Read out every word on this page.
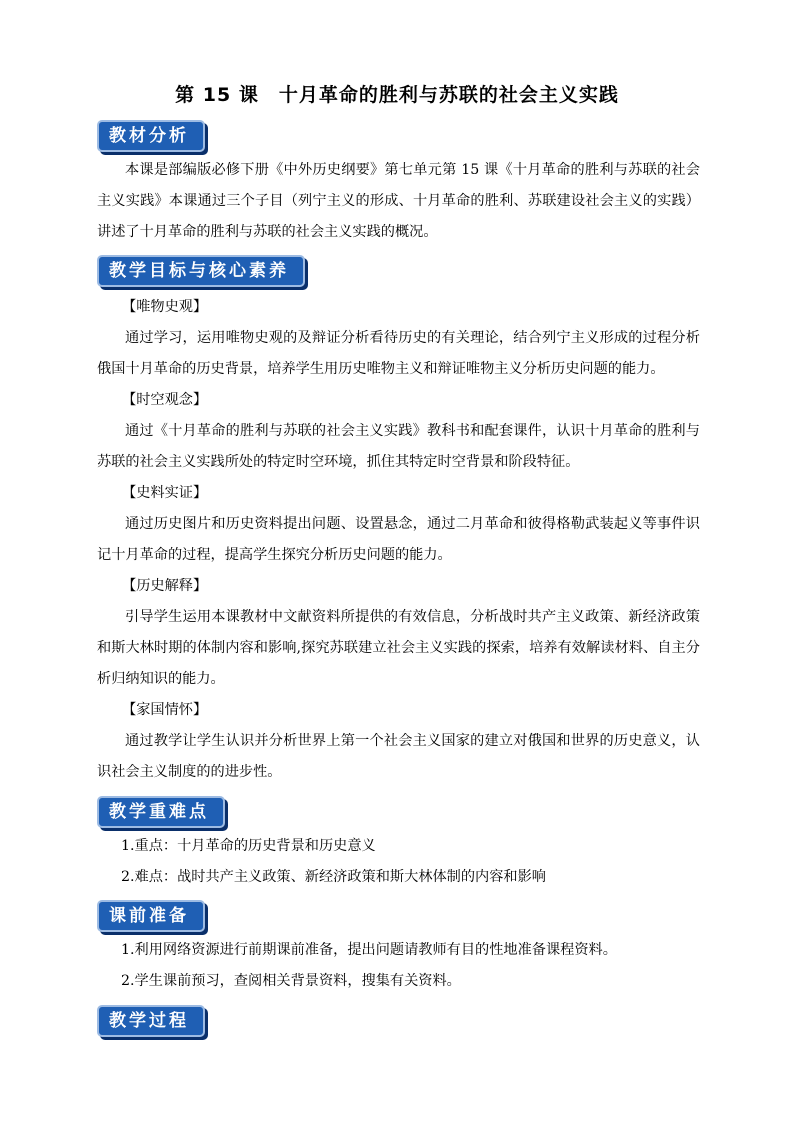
第 15 课　十月革命的胜利与苏联的社会主义实践
教材分析
本课是部编版必修下册《中外历史纲要》第七单元第 15 课《十月革命的胜利与苏联的社会主义实践》本课通过三个子目（列宁主义的形成、十月革命的胜利、苏联建设社会主义的实践）讲述了十月革命的胜利与苏联的社会主义实践的概况。
教学目标与核心素养
【唯物史观】
通过学习，运用唯物史观的及辩证分析看待历史的有关理论，结合列宁主义形成的过程分析俄国十月革命的历史背景，培养学生用历史唯物主义和辩证唯物主义分析历史问题的能力。
【时空观念】
通过《十月革命的胜利与苏联的社会主义实践》教科书和配套课件，认识十月革命的胜利与苏联的社会主义实践所处的特定时空环境，抓住其特定时空背景和阶段特征。
【史料实证】
通过历史图片和历史资料提出问题、设置悬念，通过二月革命和彼得格勒武装起义等事件识记十月革命的过程，提高学生探究分析历史问题的能力。
【历史解释】
引导学生运用本课教材中文献资料所提供的有效信息，分析战时共产主义政策、新经济政策和斯大林时期的体制内容和影响,探究苏联建立社会主义实践的探索，培养有效解读材料、自主分析归纳知识的能力。
【家国情怀】
通过教学让学生认识并分析世界上第一个社会主义国家的建立对俄国和世界的历史意义，认识社会主义制度的的进步性。
教学重难点
1.重点：十月革命的历史背景和历史意义
2.难点：战时共产主义政策、新经济政策和斯大林体制的内容和影响
课前准备
1.利用网络资源进行前期课前准备，提出问题请教师有目的性地准备课程资料。
2.学生课前预习，查阅相关背景资料，搜集有关资料。
教学过程
